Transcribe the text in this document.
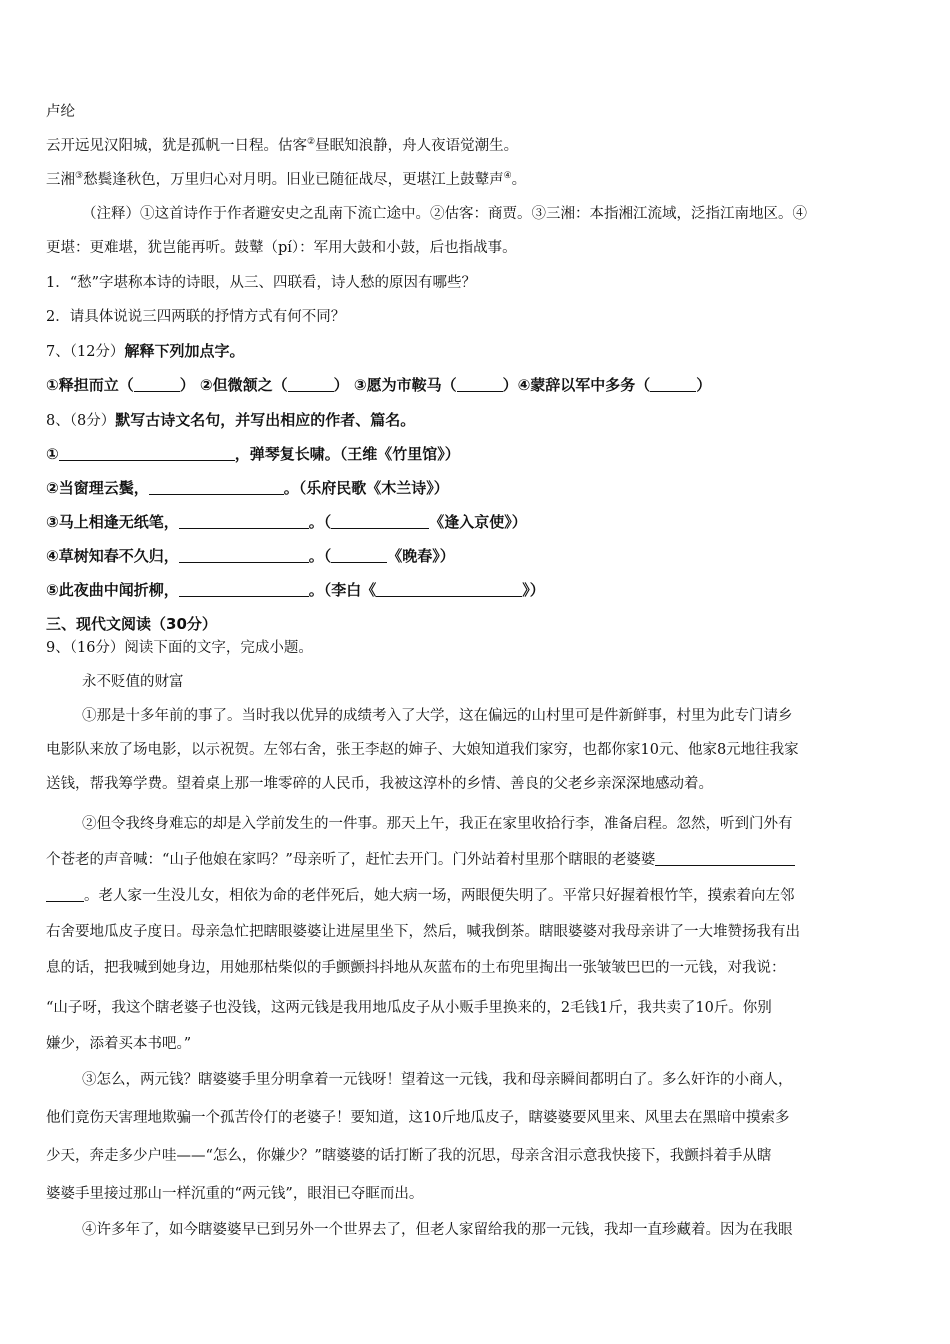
卢纶
云开远见汉阳城，犹是孤帆一日程。估客②昼眠知浪静，舟人夜语觉潮生。
三湘③愁鬓逢秋色，万里归心对月明。旧业已随征战尽，更堪江上鼓鼙声④。
（注释）①这首诗作于作者避安史之乱南下流亡途中。②估客：商贾。③三湘：本指湘江流域，泛指江南地区。④
更堪：更难堪，犹岂能再听。鼓鼙（pí）：军用大鼓和小鼓，后也指战事。
1．“愁”字堪称本诗的诗眼，从三、四联看，诗人愁的原因有哪些？
2．请具体说说三四两联的抒情方式有何不同？
7、（12分）解释下列加点字。
①释担而立（	） ②但微颔之（	） ③愿为市鞍马（	）④蒙辞以军中多务（	）
8、（8分）默写古诗文名句，并写出相应的作者、篇名。
①	，弹琴复长啸。（王维《竹里馆》）
②当窗理云鬓，	。（乐府民歌《木兰诗》）
③马上相逢无纸笔，	。（	《逢入京使》）
④草树知春不久归，	。（	《晚春》）
⑤此夜曲中闻折柳，	。（李白《	》）
三、现代文阅读（30分）
9、（16分）阅读下面的文字，完成小题。
永不贬值的财富
①那是十多年前的事了。当时我以优异的成绩考入了大学，这在偏远的山村里可是件新鲜事，村里为此专门请乡
电影队来放了场电影，以示祝贺。左邻右舍，张王李赵的婶子、大娘知道我们家穷，也都你家10元、他家8元地往我家
送钱，帮我筹学费。望着桌上那一堆零碎的人民币，我被这淳朴的乡情、善良的父老乡亲深深地感动着。
②但令我终身难忘的却是入学前发生的一件事。那天上午，我正在家里收拾行李，准备启程。忽然，听到门外有
个苍老的声音喊：“山子他娘在家吗？”母亲听了，赶忙去开门。门外站着村里那个瞎眼的老婆婆
。老人家一生没儿女，相依为命的老伴死后，她大病一场，两眼便失明了。平常只好握着根竹竿，摸索着向左邻
右舍要地瓜皮子度日。母亲急忙把瞎眼婆婆让进屋里坐下，然后，喊我倒茶。瞎眼婆婆对我母亲讲了一大堆赞扬我有出
息的话，把我喊到她身边，用她那枯柴似的手颤颤抖抖地从灰蓝布的土布兜里掏出一张皱皱巴巴的一元钱，对我说：
“山子呀，我这个瞎老婆子也没钱，这两元钱是我用地瓜皮子从小贩手里换来的，2毛钱1斤，我共卖了10斤。你别
嫌少，添着买本书吧。”
③怎么，两元钱？瞎婆婆手里分明拿着一元钱呀！望着这一元钱，我和母亲瞬间都明白了。多么奸诈的小商人，
他们竟伤天害理地欺骗一个孤苦伶仃的老婆子！要知道，这10斤地瓜皮子，瞎婆婆要风里来、风里去在黑暗中摸索多
少天，奔走多少户哇——“怎么，你嫌少？”瞎婆婆的话打断了我的沉思，母亲含泪示意我快接下，我颤抖着手从瞎
婆婆手里接过那山一样沉重的“两元钱”，眼泪已夺眶而出。
④许多年了，如今瞎婆婆早已到另外一个世界去了，但老人家留给我的那一元钱，我却一直珍藏着。因为在我眼
